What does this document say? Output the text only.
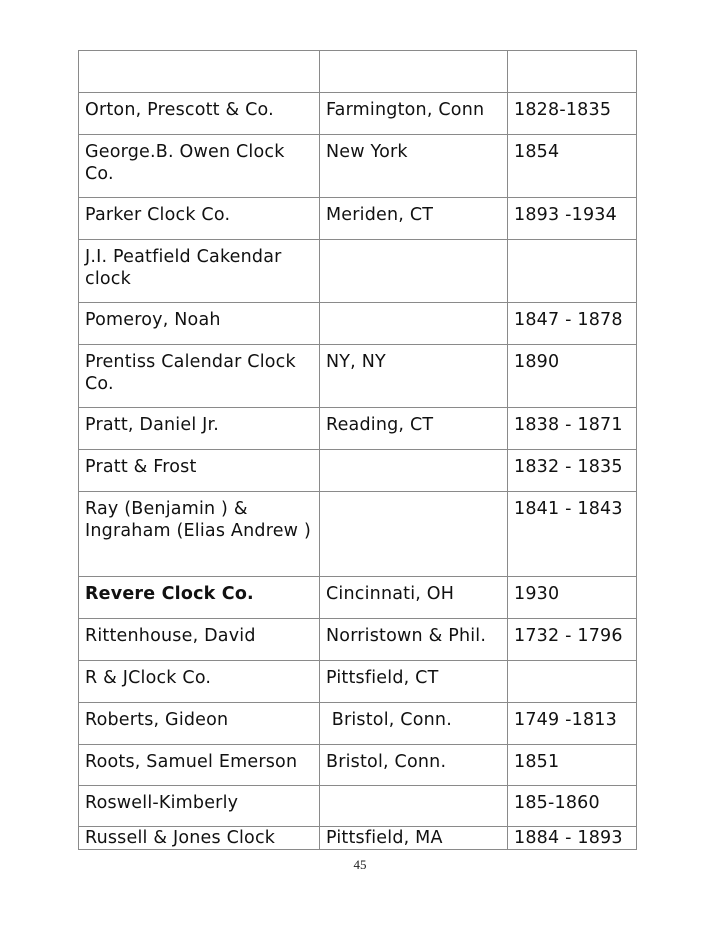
Orton, Prescott & Co.	Farmington, Conn	1828-1835
George.B. Owen Clock Co.	New York	1854
Parker Clock Co.	Meriden, CT	1893 -1934
J.I. Peatfield Cakendar clock		
Pomeroy, Noah		1847 - 1878
Prentiss Calendar Clock Co.	NY, NY	1890
Pratt, Daniel Jr.	Reading, CT	1838 - 1871
Pratt & Frost		1832 - 1835
Ray (Benjamin ) & Ingraham (Elias Andrew )		1841 - 1843
Revere Clock Co.	Cincinnati, OH	1930
Rittenhouse, David	Norristown & Phil.	1732 - 1796
R & JClock Co.	Pittsfield, CT	
Roberts, Gideon	Bristol, Conn.	1749 -1813
Roots, Samuel Emerson	Bristol, Conn.	1851
Roswell-Kimberly		185-1860
Russell & Jones Clock	Pittsfield, MA	1884 - 1893
45
